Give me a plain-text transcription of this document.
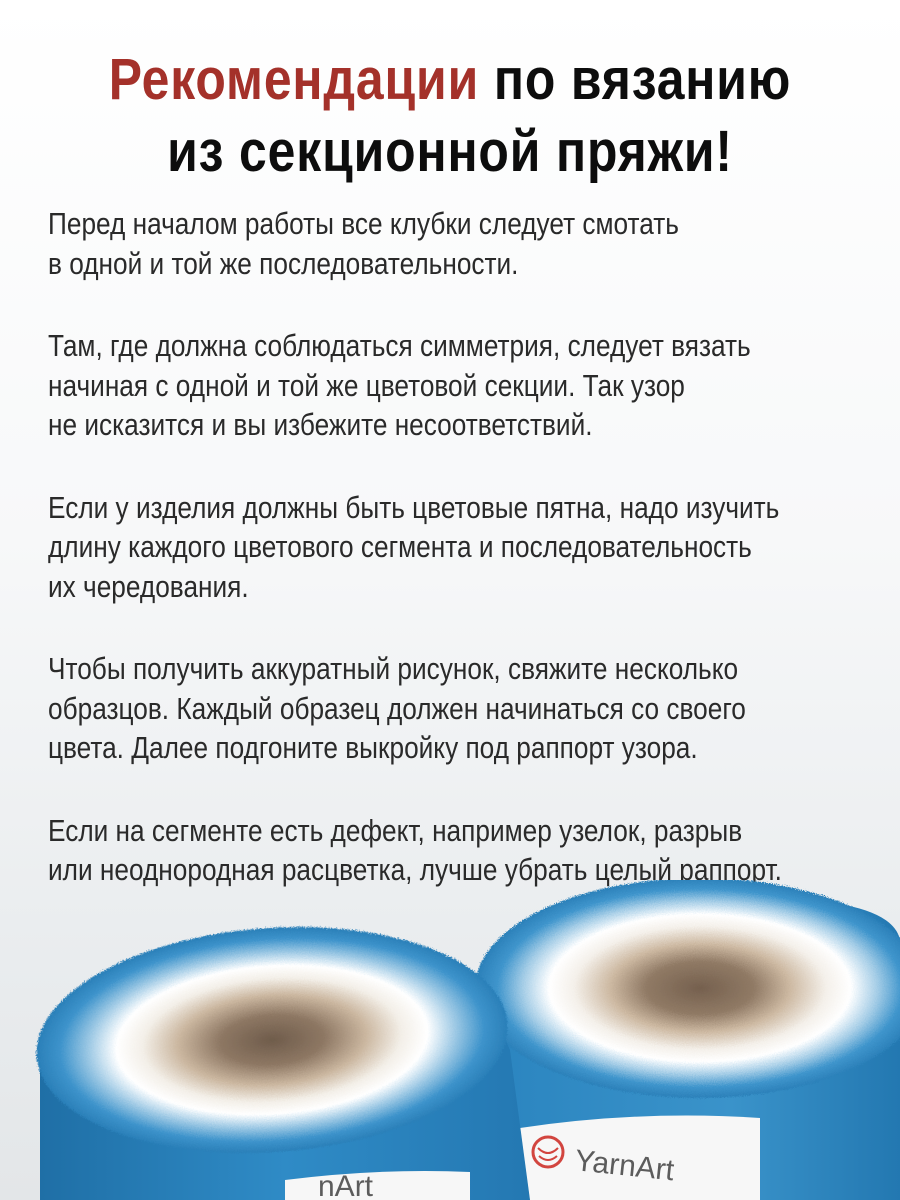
Рекомендации по вязанию
из секционной пряжи!

Перед началом работы все клубки следует смотать
в одной и той же последовательности.

Там, где должна соблюдаться симметрия, следует вязать
начиная с одной и той же цветовой секции. Так узор
не исказится и вы избежите несоответствий.

Если у изделия должны быть цветовые пятна, надо изучить
длину каждого цветового сегмента и последовательность
их чередования.

Чтобы получить аккуратный рисунок, свяжите несколько
образцов. Каждый образец должен начинаться со своего
цвета. Далее подгоните выкройку под раппорт узора.

Если на сегменте есть дефект, например узелок, разрыв
или неоднородная расцветка, лучше убрать целый раппорт.

YarnArt
nArt
